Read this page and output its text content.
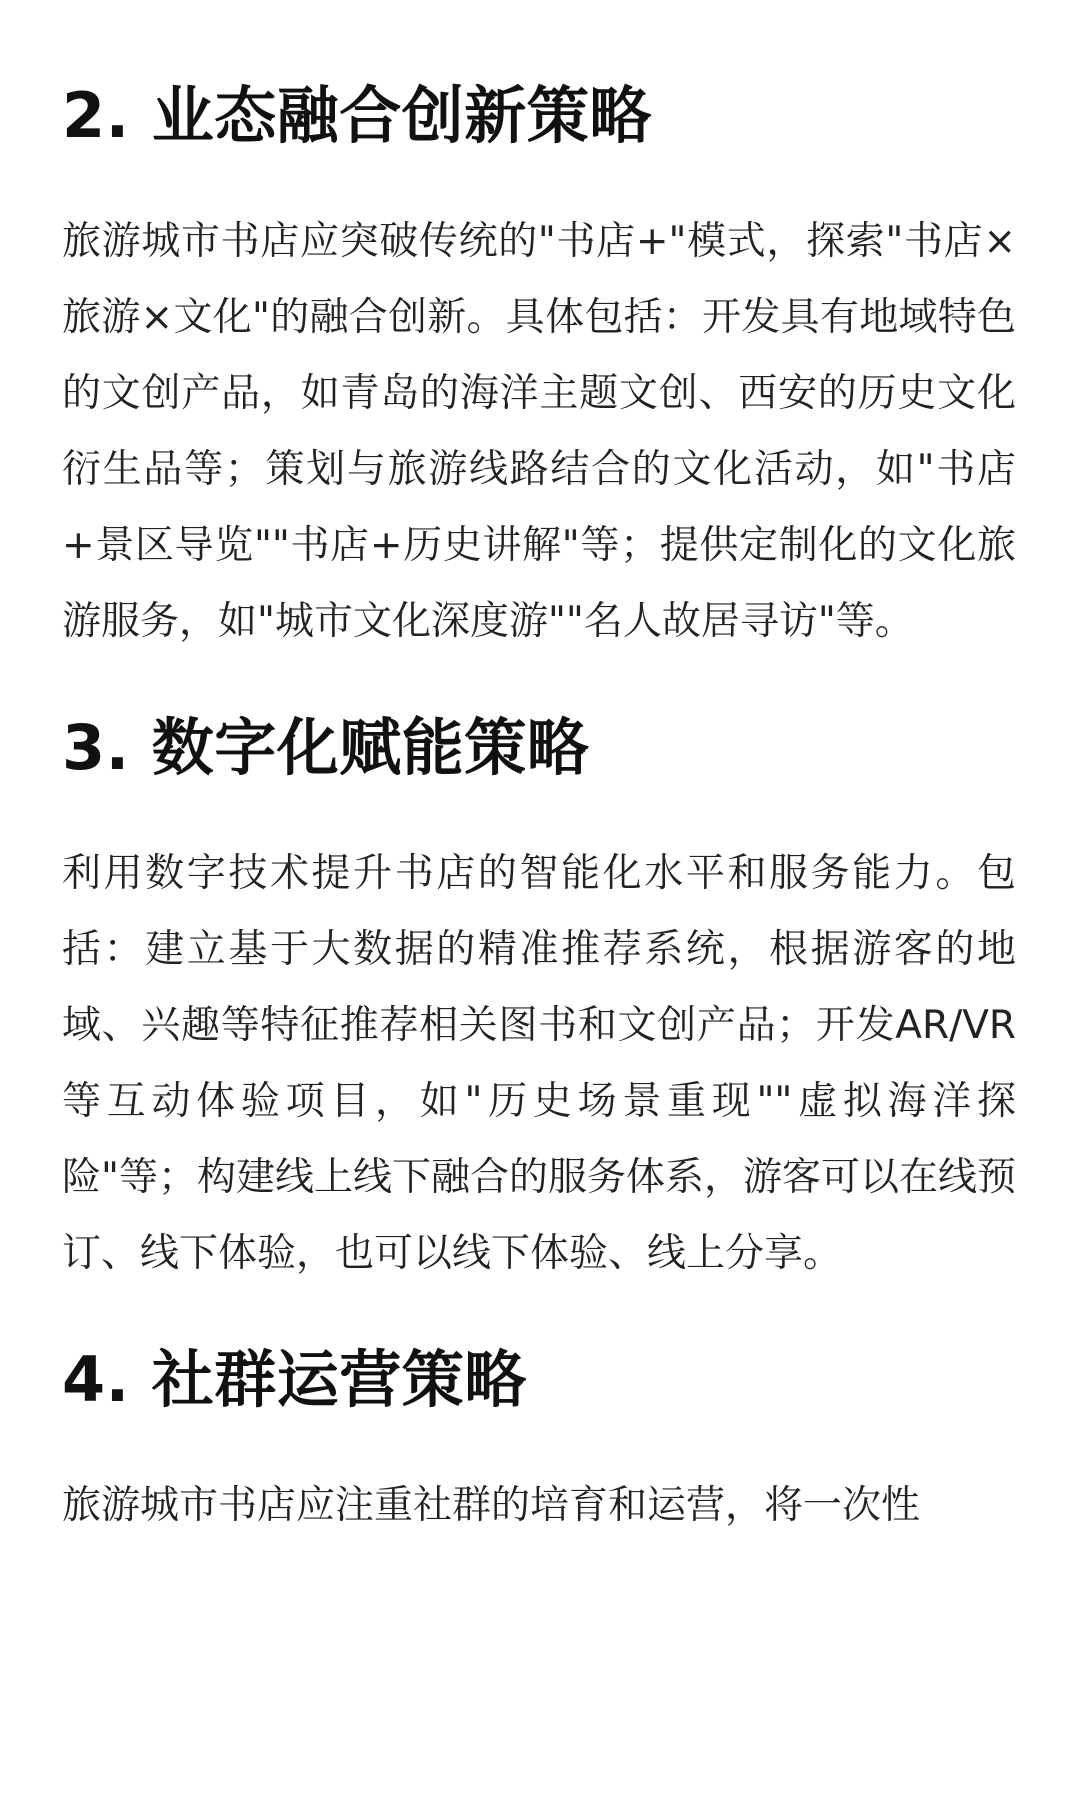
2. 业态融合创新策略

旅游城市书店应突破传统的"书店+"模式，探索"书店×旅游×文化"的融合创新。具体包括：开发具有地域特色的文创产品，如青岛的海洋主题文创、西安的历史文化衍生品等；策划与旅游线路结合的文化活动，如"书店+景区导览""书店+历史讲解"等；提供定制化的文化旅游服务，如"城市文化深度游""名人故居寻访"等。

3. 数字化赋能策略

利用数字技术提升书店的智能化水平和服务能力。包括：建立基于大数据的精准推荐系统，根据游客的地域、兴趣等特征推荐相关图书和文创产品；开发AR/VR等互动体验项目，如"历史场景重现""虚拟海洋探险"等；构建线上线下融合的服务体系，游客可以在线预订、线下体验，也可以线下体验、线上分享。

4. 社群运营策略

旅游城市书店应注重社群的培育和运营，将一次性
